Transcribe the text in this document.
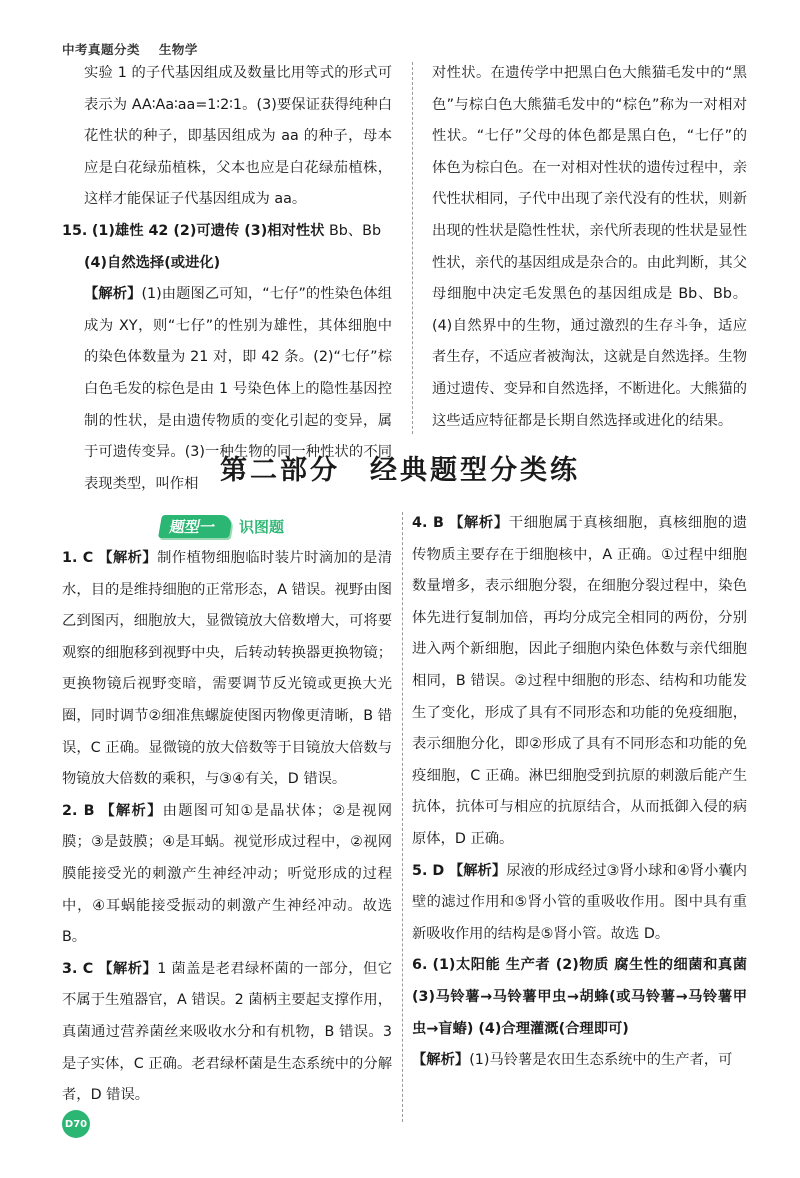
中考真题分类 生物学

实验 1 的子代基因组成及数量比用等式的形式可表示为 AA∶Aa∶aa=1∶2∶1。(3)要保证获得纯种白花性状的种子，即基因组成为 aa 的种子，母本应是白花绿茄植株，父本也应是白花绿茄植株，这样才能保证子代基因组成为 aa。

15. (1)雄性 42 (2)可遗传 (3)相对性状 Bb、Bb

(4)自然选择(或进化)

【解析】(1)由题图乙可知，“七仔”的性染色体组成为 XY，则“七仔”的性别为雄性，其体细胞中的染色体数量为 21 对，即 42 条。(2)“七仔”棕白色毛发的棕色是由 1 号染色体上的隐性基因控制的性状，是由遗传物质的变化引起的变异，属于可遗传变异。(3)一种生物的同一种性状的不同表现类型，叫作相

对性状。在遗传学中把黑白色大熊猫毛发中的“黑色”与棕白色大熊猫毛发中的“棕色”称为一对相对性状。“七仔”父母的体色都是黑白色，“七仔”的体色为棕白色。在一对相对性状的遗传过程中，亲代性状相同，子代中出现了亲代没有的性状，则新出现的性状是隐性性状，亲代所表现的性状是显性性状，亲代的基因组成是杂合的。由此判断，其父母细胞中决定毛发黑色的基因组成是 Bb、Bb。(4)自然界中的生物，通过激烈的生存斗争，适应者生存，不适应者被淘汰，这就是自然选择。生物通过遗传、变异和自然选择，不断进化。大熊猫的这些适应特征都是长期自然选择或进化的结果。

第二部分 经典题型分类练
题型一	识图题

1. C 【解析】制作植物细胞临时装片时滴加的是清水，目的是维持细胞的正常形态，A 错误。视野由图乙到图丙，细胞放大，显微镜放大倍数增大，可将要观察的细胞移到视野中央，后转动转换器更换物镜；更换物镜后视野变暗，需要调节反光镜或更换大光圈，同时调节②细准焦螺旋使图丙物像更清晰，B 错误，C 正确。显微镜的放大倍数等于目镜放大倍数与物镜放大倍数的乘积，与③④有关，D 错误。

2. B 【解析】由题图可知①是晶状体；②是视网膜；③是鼓膜；④是耳蜗。视觉形成过程中，②视网膜能接受光的刺激产生神经冲动；听觉形成的过程中，④耳蜗能接受振动的刺激产生神经冲动。故选 B。

3. C 【解析】1 菌盖是老君绿杯菌的一部分，但它不属于生殖器官，A 错误。2 菌柄主要起支撑作用，真菌通过营养菌丝来吸收水分和有机物，B 错误。3 是子实体，C 正确。老君绿杯菌是生态系统中的分解者，D 错误。

4. B 【解析】干细胞属于真核细胞，真核细胞的遗传物质主要存在于细胞核中，A 正确。①过程中细胞数量增多，表示细胞分裂，在细胞分裂过程中，染色体先进行复制加倍，再均分成完全相同的两份，分别进入两个新细胞，因此子细胞内染色体数与亲代细胞相同，B 错误。②过程中细胞的形态、结构和功能发生了变化，形成了具有不同形态和功能的免疫细胞，表示细胞分化，即②形成了具有不同形态和功能的免疫细胞，C 正确。淋巴细胞受到抗原的刺激后能产生抗体，抗体可与相应的抗原结合，从而抵御入侵的病原体，D 正确。

5. D 【解析】尿液的形成经过③肾小球和④肾小囊内壁的滤过作用和⑤肾小管的重吸收作用。图中具有重新吸收作用的结构是⑤肾小管。故选 D。

6. (1)太阳能 生产者 (2)物质 腐生性的细菌和真菌 (3)马铃薯→马铃薯甲虫→胡蜂(或马铃薯→马铃薯甲虫→盲蝽) (4)合理灌溉(合理即可)

【解析】(1)马铃薯是农田生态系统中的生产者，可

D70
